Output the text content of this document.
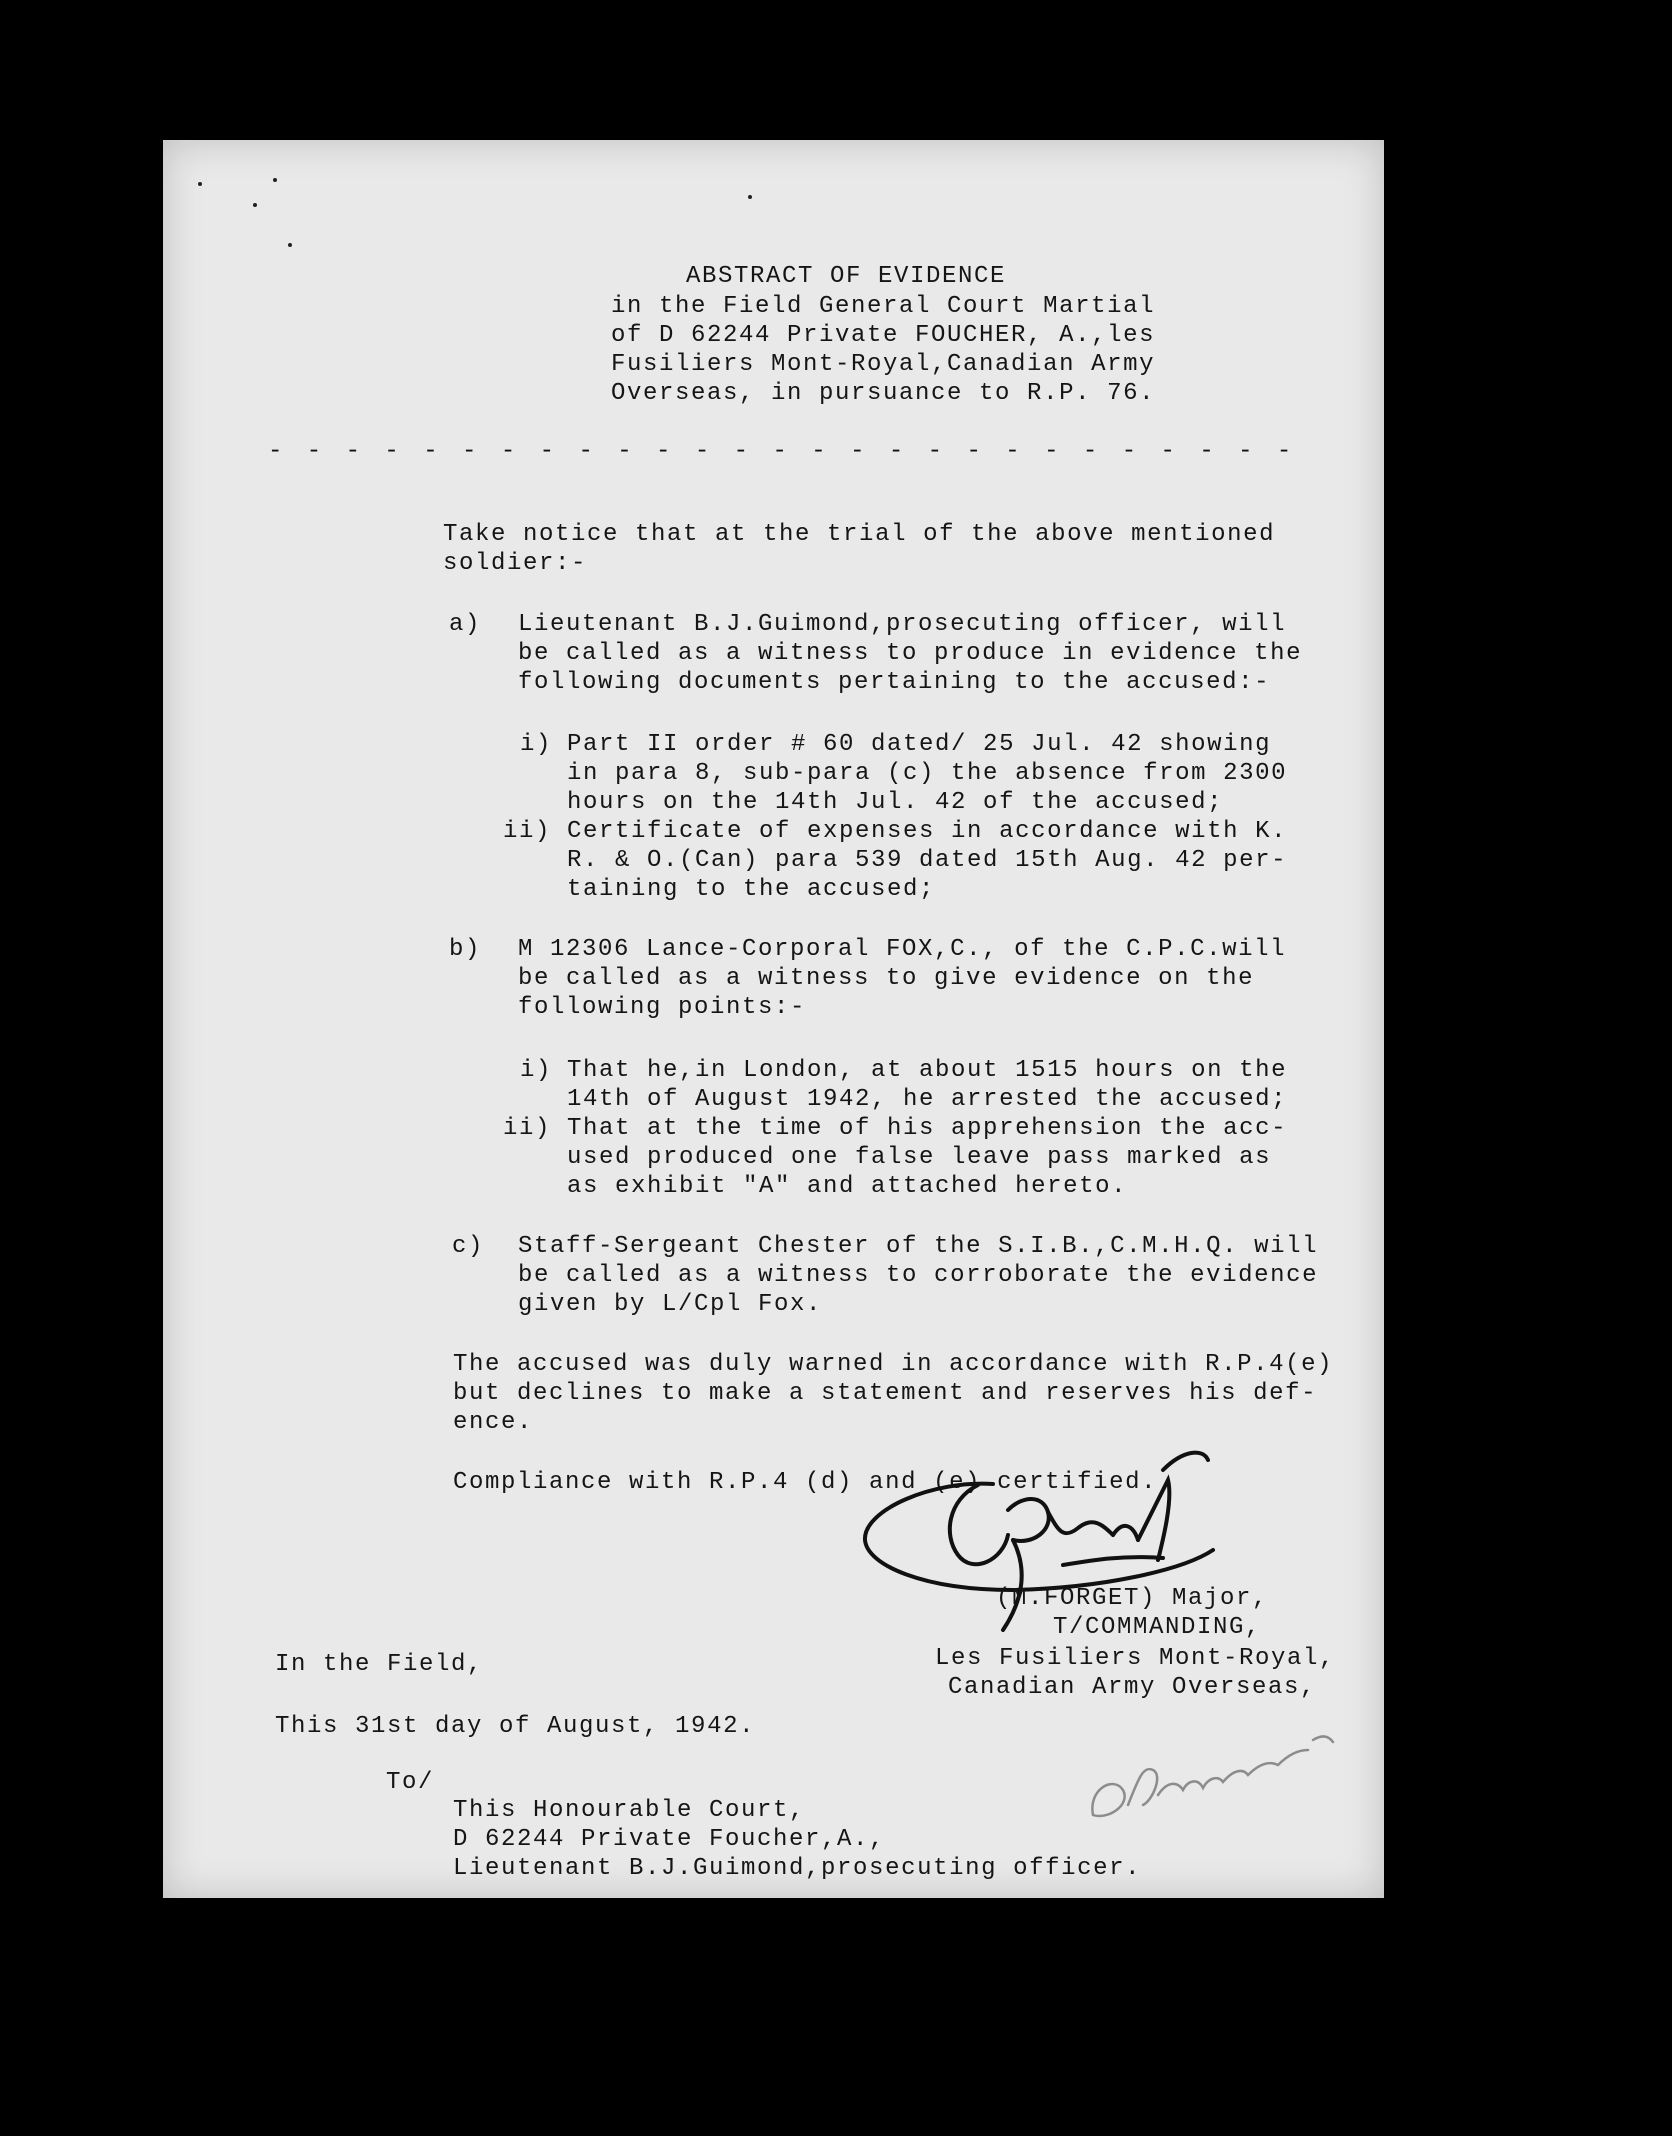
ABSTRACT OF EVIDENCE
in the Field General Court Martial
of D 62244 Private FOUCHER, A.,les
Fusiliers Mont-Royal,Canadian Army
Overseas, in pursuance to R.P. 76.
- - - - - - - - - - - - - - - - - - - - - - - - - - -
Take notice that at the trial of the above mentioned
soldier:-
a) Lieutenant B.J.Guimond,prosecuting officer, will
be called as a witness to produce in evidence the
following documents pertaining to the accused:-
i) Part II order # 60 dated/ 25 Jul. 42 showing
in para 8, sub-para (c) the absence from 2300
hours on the 14th Jul. 42 of the accused;
ii) Certificate of expenses in accordance with K.
R. & O.(Can) para 539 dated 15th Aug. 42 per-
taining to the accused;
b) M 12306 Lance-Corporal FOX,C., of the C.P.C.will
be called as a witness to give evidence on the
following points:-
i) That he,in London, at about 1515 hours on the
14th of August 1942, he arrested the accused;
ii) That at the time of his apprehension the acc-
used produced one false leave pass marked as
as exhibit "A" and attached hereto.
c) Staff-Sergeant Chester of the S.I.B.,C.M.H.Q. will
be called as a witness to corroborate the evidence
given by L/Cpl Fox.
The accused was duly warned in accordance with R.P.4(e)
but declines to make a statement and reserves his def-
ence.
Compliance with R.P.4 (d) and (e) certified.
(M.FORGET) Major,
T/COMMANDING,
Les Fusiliers Mont-Royal,
Canadian Army Overseas,
In the Field,
This 31st day of August, 1942.
To/
This Honourable Court,
D 62244 Private Foucher,A.,
Lieutenant B.J.Guimond,prosecuting officer.
